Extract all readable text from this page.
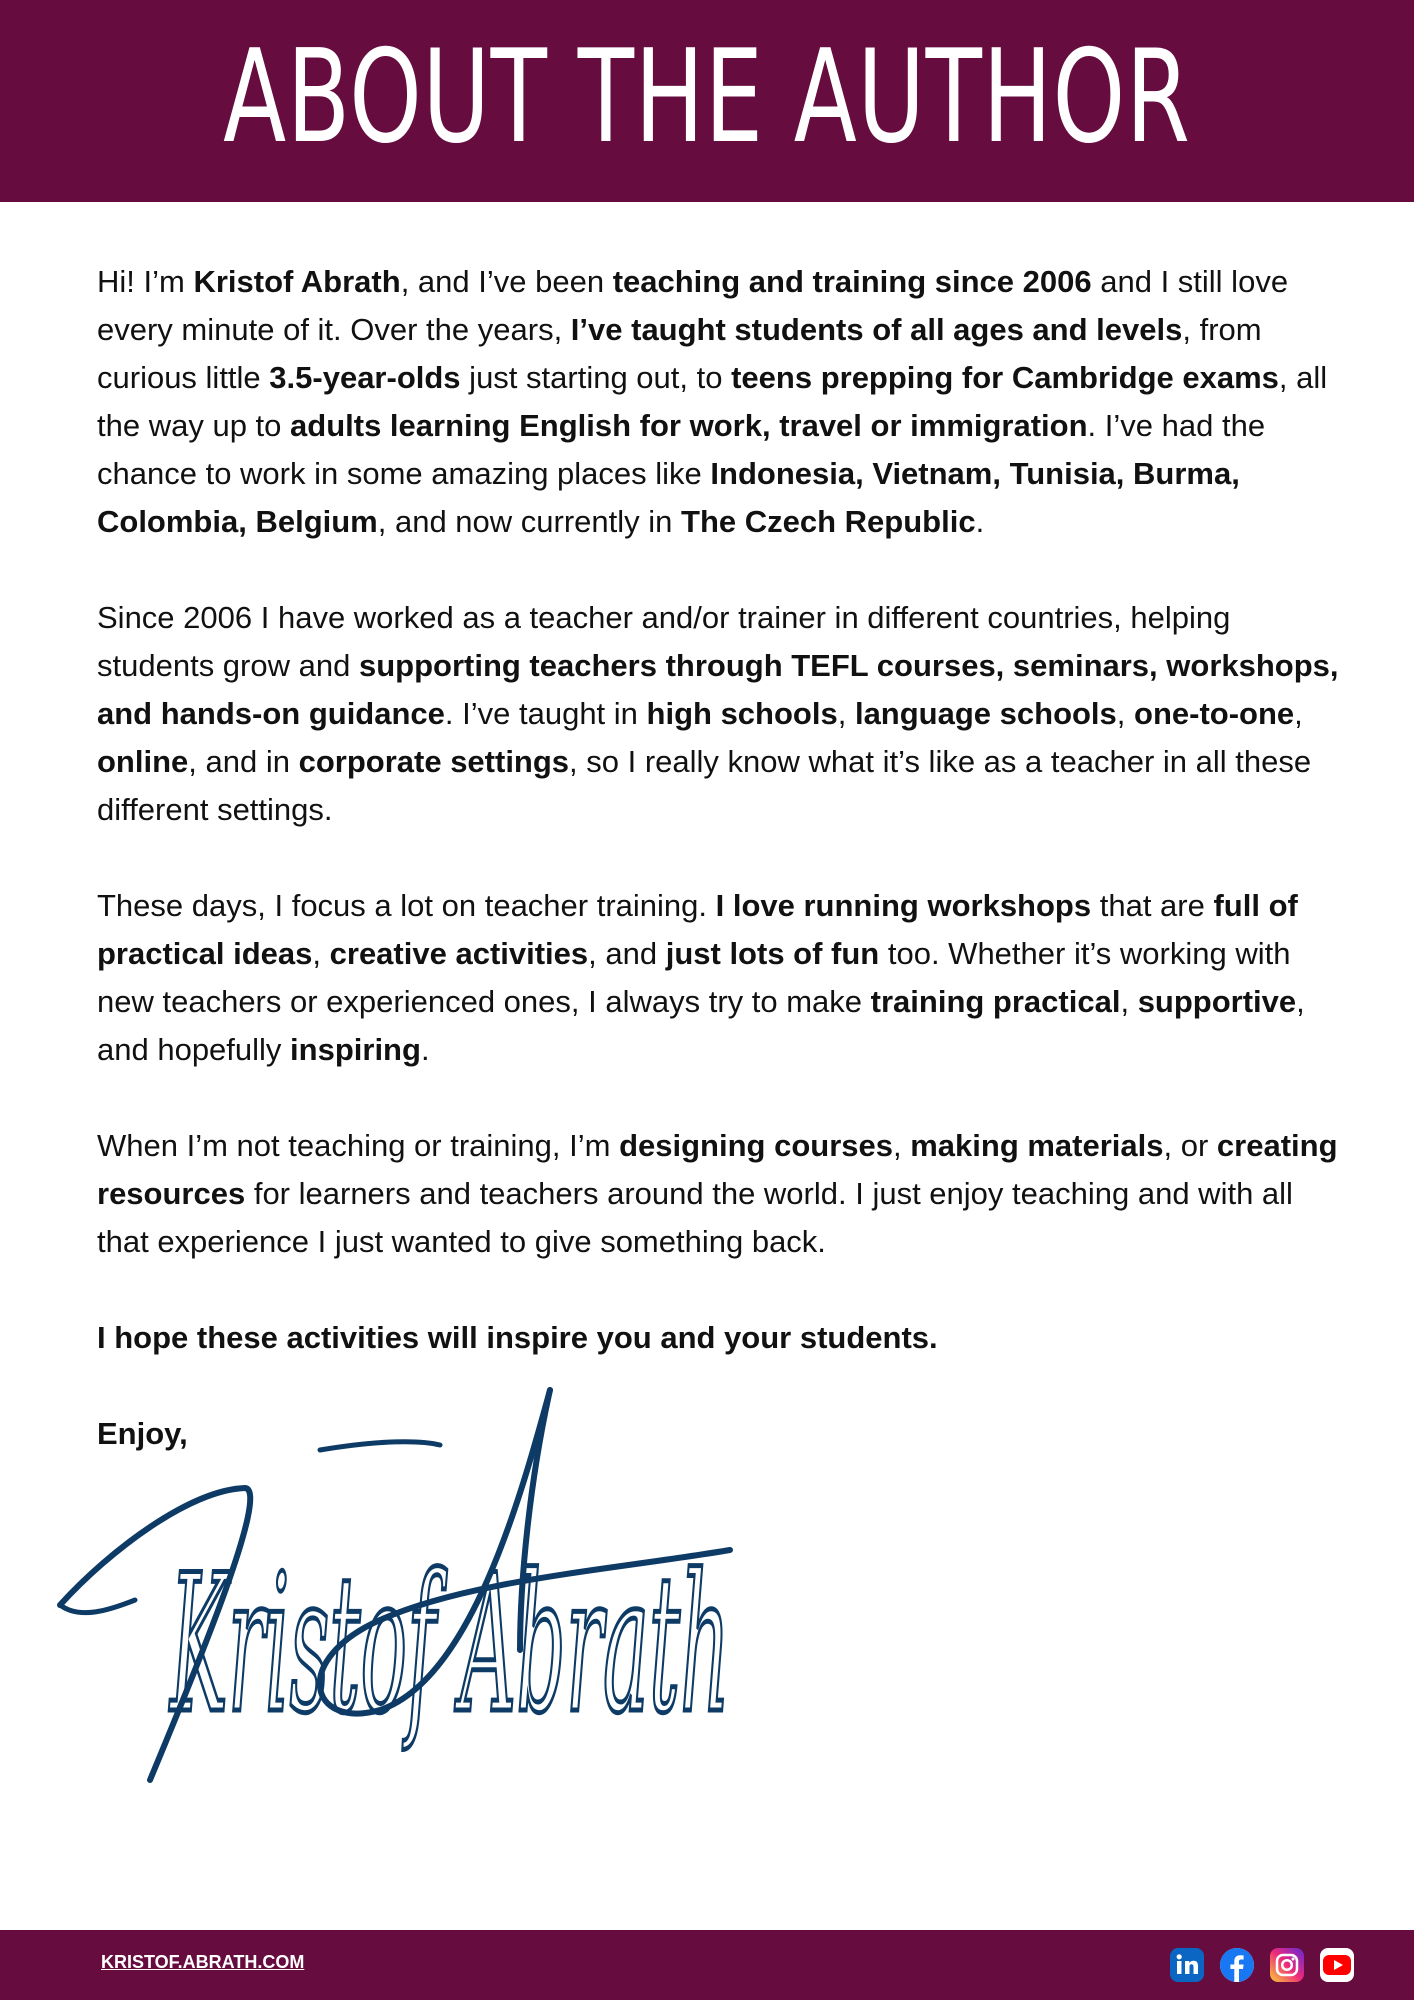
ABOUT THE AUTHOR

Hi! I’m Kristof Abrath, and I’ve been teaching and training since 2006 and I still love every minute of it. Over the years, I’ve taught students of all ages and levels, from curious little 3.5-year-olds just starting out, to teens prepping for Cambridge exams, all the way up to adults learning English for work, travel or immigration. I’ve had the chance to work in some amazing places like Indonesia, Vietnam, Tunisia, Burma, Colombia, Belgium, and now currently in The Czech Republic.

Since 2006 I have worked as a teacher and/or trainer in different countries, helping students grow and supporting teachers through TEFL courses, seminars, workshops, and hands-on guidance. I’ve taught in high schools, language schools, one-to-one, online, and in corporate settings, so I really know what it’s like as a teacher in all these different settings.

These days, I focus a lot on teacher training. I love running workshops that are full of practical ideas, creative activities, and just lots of fun too. Whether it’s working with new teachers or experienced ones, I always try to make training practical, supportive, and hopefully inspiring.

When I’m not teaching or training, I’m designing courses, making materials, or creating resources for learners and teachers around the world. I just enjoy teaching and with all that experience I just wanted to give something back.

I hope these activities will inspire you and your students.

Enjoy,

Kristof Abrath
KRISTOF.ABRATH.COM
